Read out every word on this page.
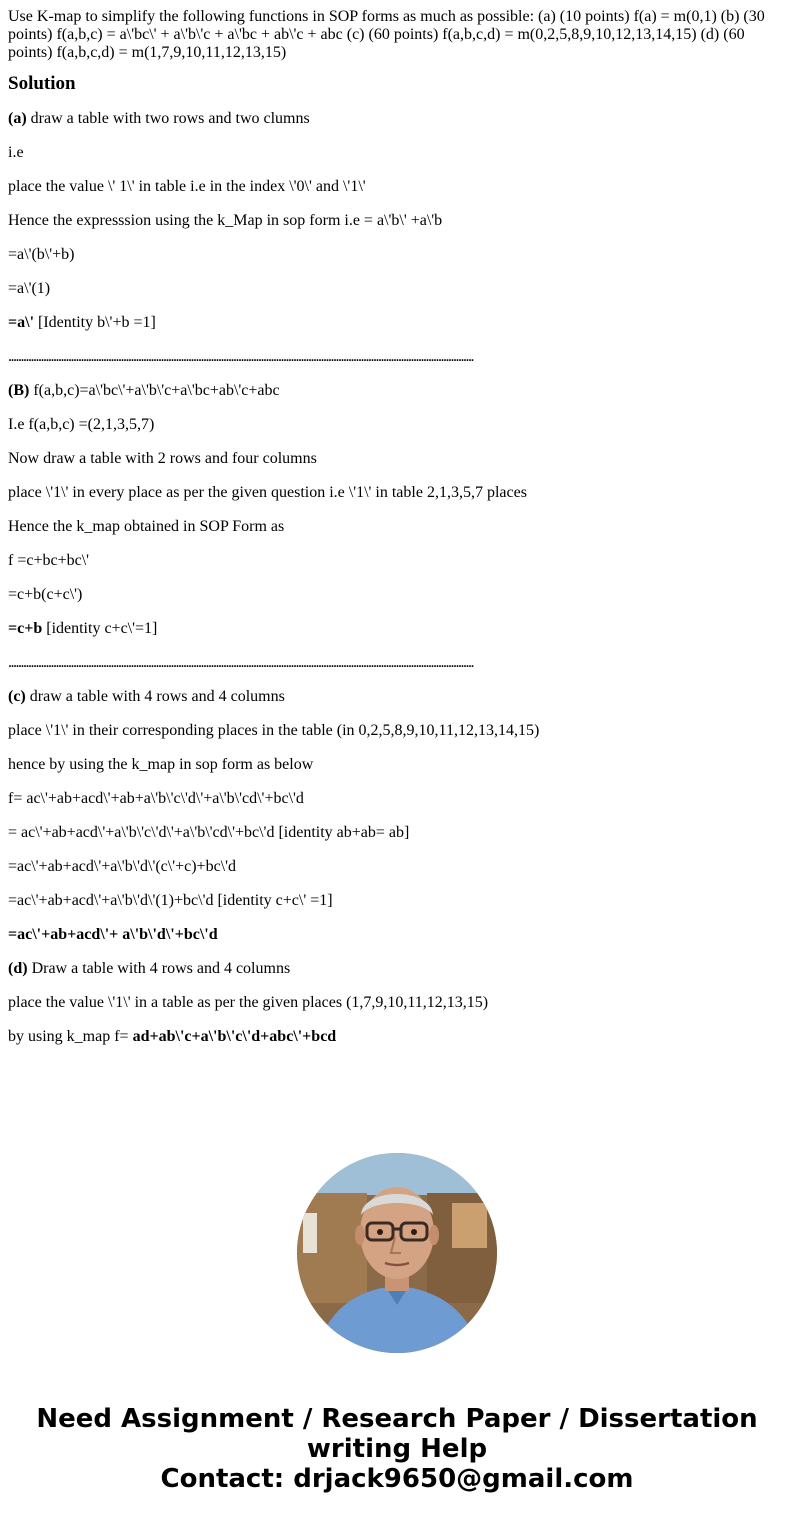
Use K-map to simplify the following functions in SOP forms as much as possible: (a) (10 points) f(a) = m(0,1) (b) (30 points) f(a,b,c) = a\'bc\' + a\'b\'c + a\'bc + ab\'c + abc (c) (60 points) f(a,b,c,d) = m(0,2,5,8,9,10,12,13,14,15) (d) (60 points) f(a,b,c,d) = m(1,7,9,10,11,12,13,15)
Solution

(a) draw a table with two rows and two clumns

i.e

place the value \' 1\' in table i.e in the index \'0\' and \'1\'

Hence the expresssion using the k_Map in sop form i.e = a\'b\' +a\'b

=a\'(b\'+b)

=a\'(1)

=a\' [Identity b\'+b =1]

..........................................................................................................................................................................................

(B) f(a,b,c)=a\'bc\'+a\'b\'c+a\'bc+ab\'c+abc

I.e f(a,b,c) =(2,1,3,5,7)

Now draw a table with 2 rows and four columns

place \'1\' in every place as per the given question i.e \'1\' in table 2,1,3,5,7 places

Hence the k_map obtained in SOP Form as

f =c+bc+bc\'

=c+b(c+c\')

=c+b [identity c+c\'=1]

..........................................................................................................................................................................................

(c) draw a table with 4 rows and 4 columns

place \'1\' in their corresponding places in the table (in 0,2,5,8,9,10,11,12,13,14,15)

hence by using the k_map in sop form as below

f= ac\'+ab+acd\'+ab+a\'b\'c\'d\'+a\'b\'cd\'+bc\'d

= ac\'+ab+acd\'+a\'b\'c\'d\'+a\'b\'cd\'+bc\'d [identity ab+ab= ab]

=ac\'+ab+acd\'+a\'b\'d\'(c\'+c)+bc\'d

=ac\'+ab+acd\'+a\'b\'d\'(1)+bc\'d [identity c+c\' =1]

=ac\'+ab+acd\'+ a\'b\'d\'+bc\'d

(d) Draw a table with 4 rows and 4 columns

place the value \'1\' in a table as per the given places (1,7,9,10,11,12,13,15)

by using k_map f= ad+ab\'c+a\'b\'c\'d+abc\'+bcd

Need Assignment / Research Paper / Dissertation
writing Help
Contact: drjack9650@gmail.com
